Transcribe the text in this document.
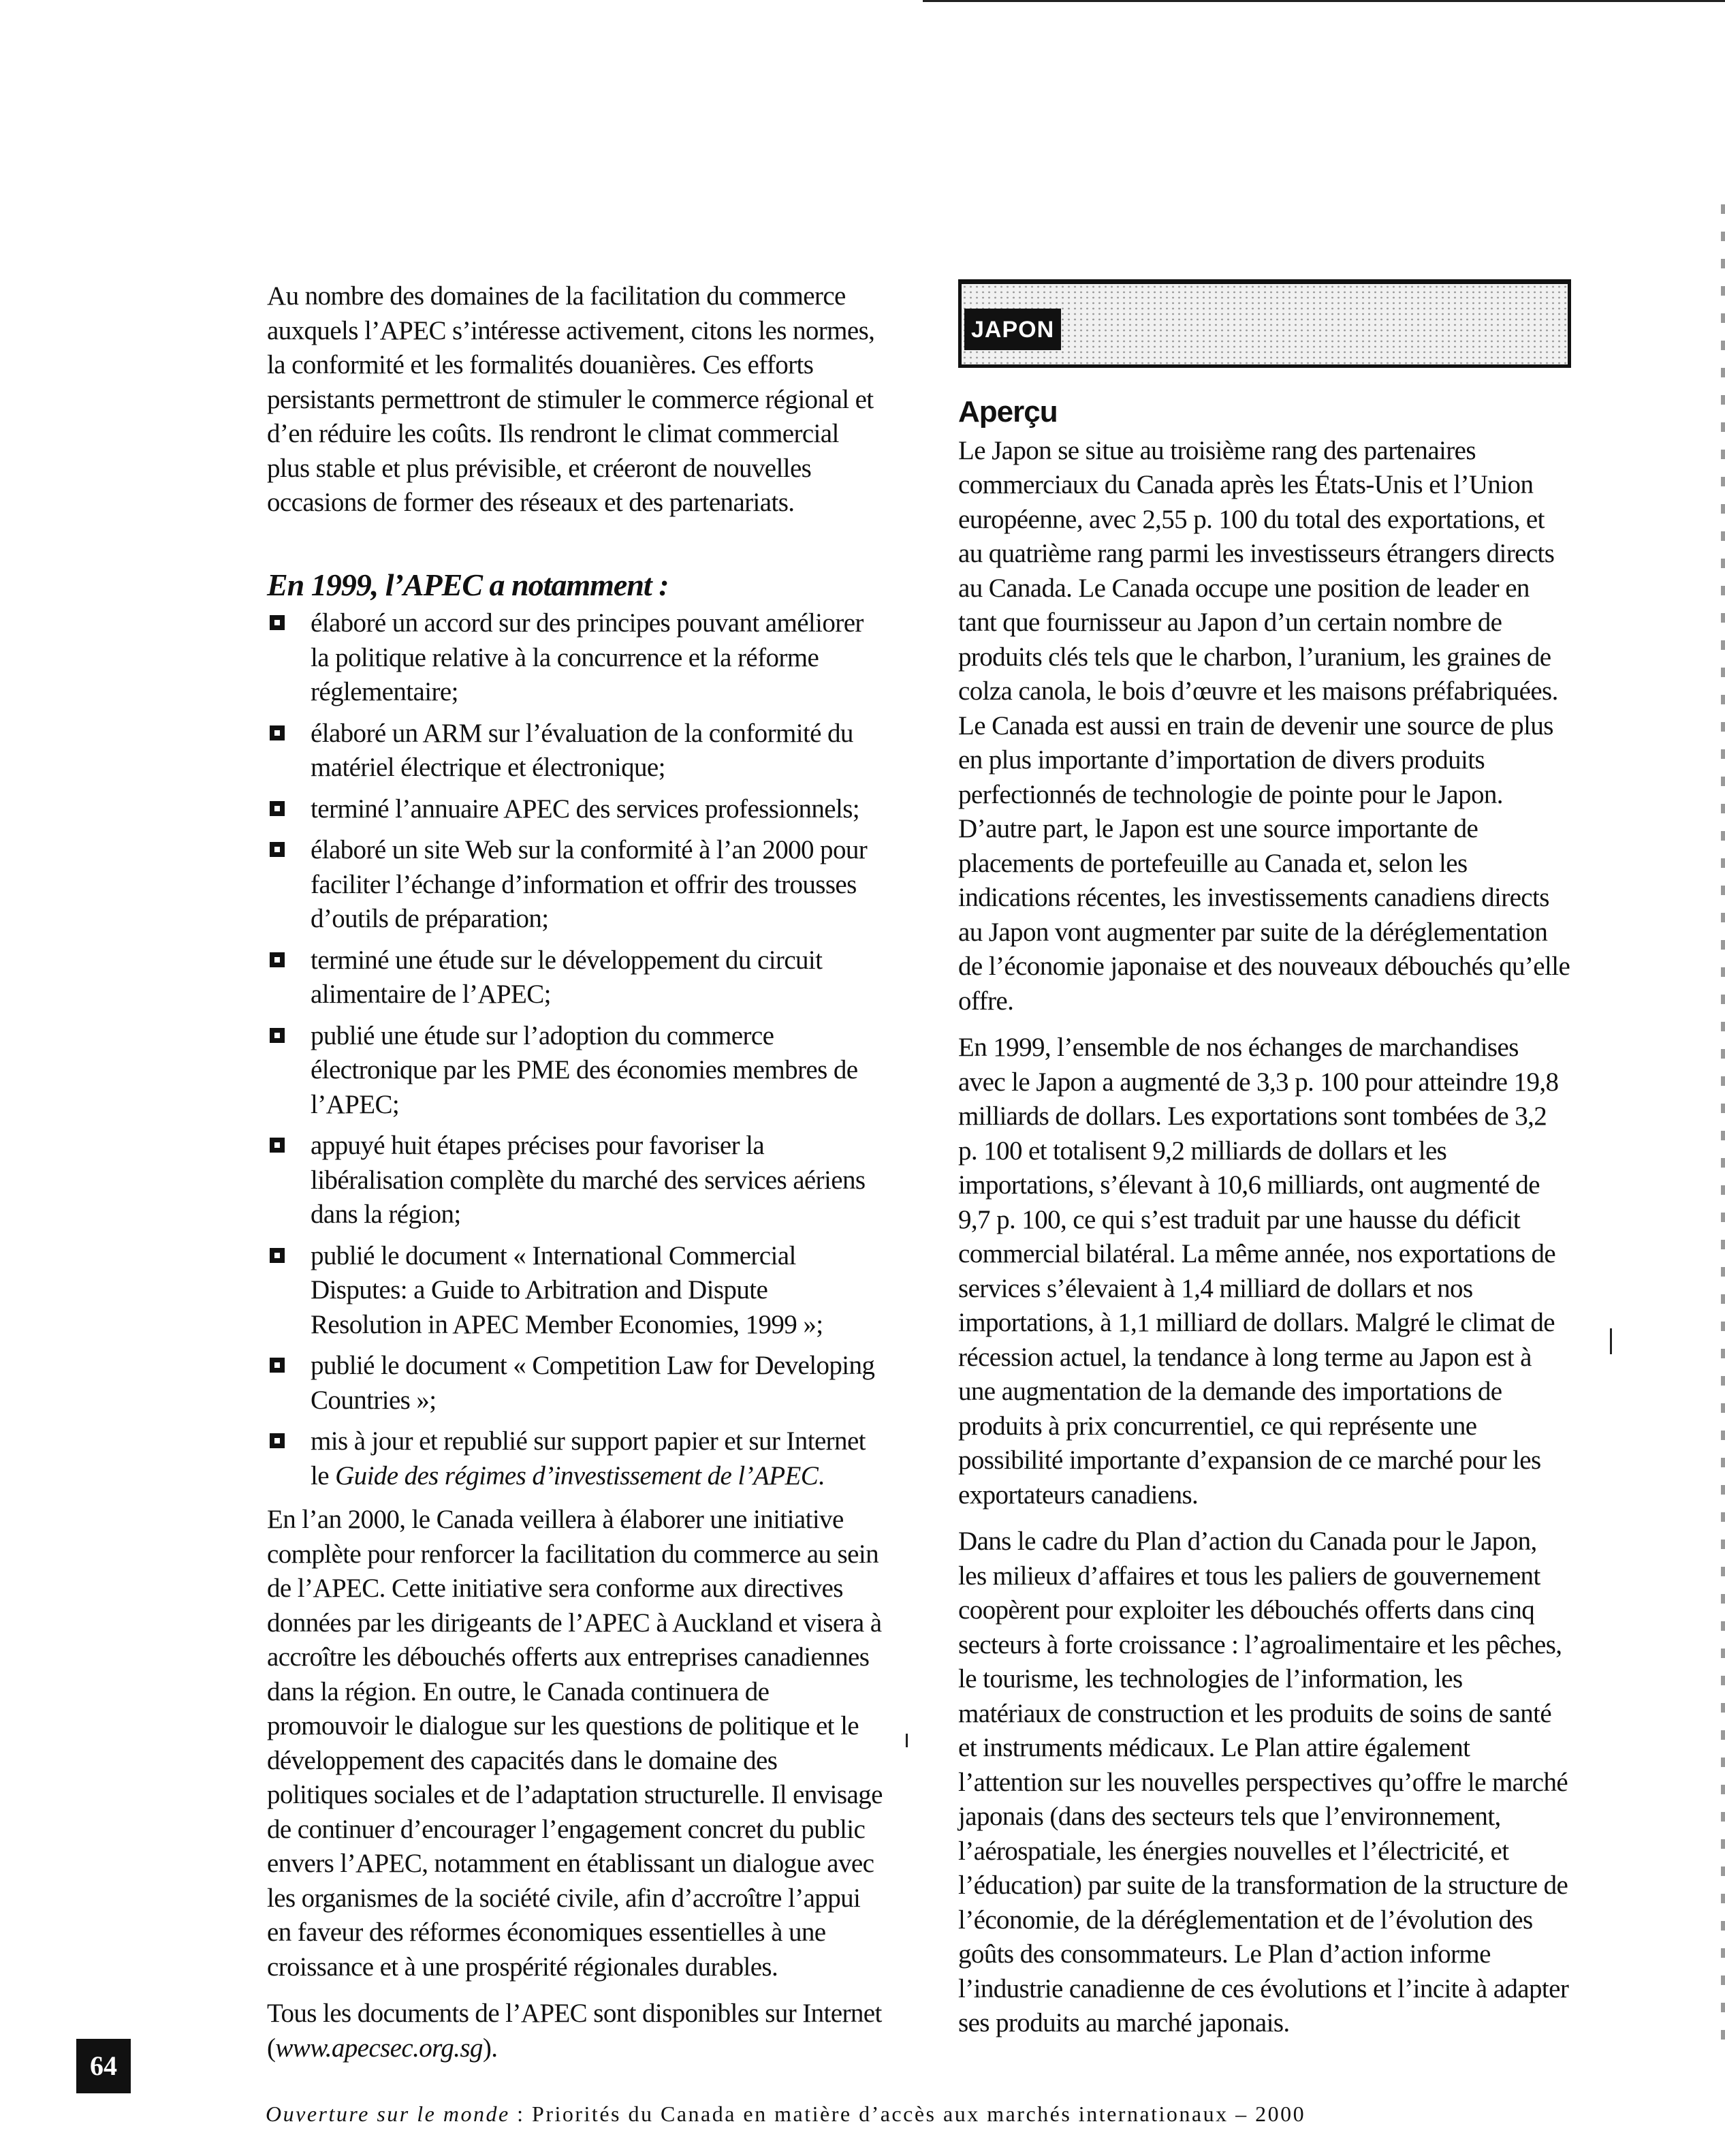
Au nombre des domaines de la facilitation du commerce auxquels l’APEC s’intéresse activement, citons les normes, la conformité et les formalités douanières. Ces efforts persistants permettront de stimuler le commerce régional et d’en réduire les coûts. Ils rendront le climat commercial plus stable et plus prévisible, et créeront de nouvelles occasions de former des réseaux et des partenariats.

En 1999, l’APEC a notamment :
élaboré un accord sur des principes pouvant améliorer la politique relative à la concurrence et la réforme réglementaire;
élaboré un ARM sur l’évaluation de la conformité du matériel électrique et électronique;
terminé l’annuaire APEC des services professionnels;
élaboré un site Web sur la conformité à l’an 2000 pour faciliter l’échange d’information et offrir des trousses d’outils de préparation;
terminé une étude sur le développement du circuit alimentaire de l’APEC;
publié une étude sur l’adoption du commerce électronique par les PME des économies membres de l’APEC;
appuyé huit étapes précises pour favoriser la libéralisation complète du marché des services aériens dans la région;
publié le document « International Commercial Disputes: a Guide to Arbitration and Dispute Resolution in APEC Member Economies, 1999 »;
publié le document « Competition Law for Developing Countries »;
mis à jour et republié sur support papier et sur Internet le Guide des régimes d’investissement de l’APEC.

En l’an 2000, le Canada veillera à élaborer une initiative complète pour renforcer la facilitation du commerce au sein de l’APEC. Cette initiative sera conforme aux directives données par les dirigeants de l’APEC à Auckland et visera à accroître les débouchés offerts aux entreprises canadiennes dans la région. En outre, le Canada continuera de promouvoir le dialogue sur les questions de politique et le développement des capacités dans le domaine des politiques sociales et de l’adaptation structurelle. Il envisage de continuer d’encourager l’engagement concret du public envers l’APEC, notamment en établissant un dialogue avec les organismes de la société civile, afin d’accroître l’appui en faveur des réformes économiques essentielles à une croissance et à une prospérité régionales durables.

Tous les documents de l’APEC sont disponibles sur Internet (www.apecsec.org.sg).

JAPON
Aperçu

Le Japon se situe au troisième rang des partenaires commerciaux du Canada après les États-Unis et l’Union européenne, avec 2,55 p. 100 du total des exportations, et au quatrième rang parmi les investisseurs étrangers directs au Canada. Le Canada occupe une position de leader en tant que fournisseur au Japon d’un certain nombre de produits clés tels que le charbon, l’uranium, les graines de colza canola, le bois d’œuvre et les maisons préfabriquées. Le Canada est aussi en train de devenir une source de plus en plus importante d’importation de divers produits perfectionnés de technologie de pointe pour le Japon. D’autre part, le Japon est une source importante de placements de portefeuille au Canada et, selon les indications récentes, les investissements canadiens directs au Japon vont augmenter par suite de la déréglementation de l’économie japonaise et des nouveaux débouchés qu’elle offre.

En 1999, l’ensemble de nos échanges de marchandises avec le Japon a augmenté de 3,3 p. 100 pour atteindre 19,8 milliards de dollars. Les exportations sont tombées de 3,2 p. 100 et totalisent 9,2 milliards de dollars et les importations, s’élevant à 10,6 milliards, ont augmenté de 9,7 p. 100, ce qui s’est traduit par une hausse du déficit commercial bilatéral. La même année, nos exportations de services s’élevaient à 1,4 milliard de dollars et nos importations, à 1,1 milliard de dollars. Malgré le climat de récession actuel, la tendance à long terme au Japon est à une augmentation de la demande des importations de produits à prix concurrentiel, ce qui représente une possibilité importante d’expansion de ce marché pour les exportateurs canadiens.

Dans le cadre du Plan d’action du Canada pour le Japon, les milieux d’affaires et tous les paliers de gouvernement coopèrent pour exploiter les débouchés offerts dans cinq secteurs à forte croissance : l’agroalimentaire et les pêches, le tourisme, les technologies de l’information, les matériaux de construction et les produits de soins de santé et instruments médicaux. Le Plan attire également l’attention sur les nouvelles perspectives qu’offre le marché japonais (dans des secteurs tels que l’environnement, l’aérospatiale, les énergies nouvelles et l’électricité, et l’éducation) par suite de la transformation de la structure de l’économie, de la déréglementation et de l’évolution des goûts des consommateurs. Le Plan d’action informe l’industrie canadienne de ces évolutions et l’incite à adapter ses produits au marché japonais.

64
Ouverture sur le monde : Priorités du Canada en matière d’accès aux marchés internationaux – 2000
